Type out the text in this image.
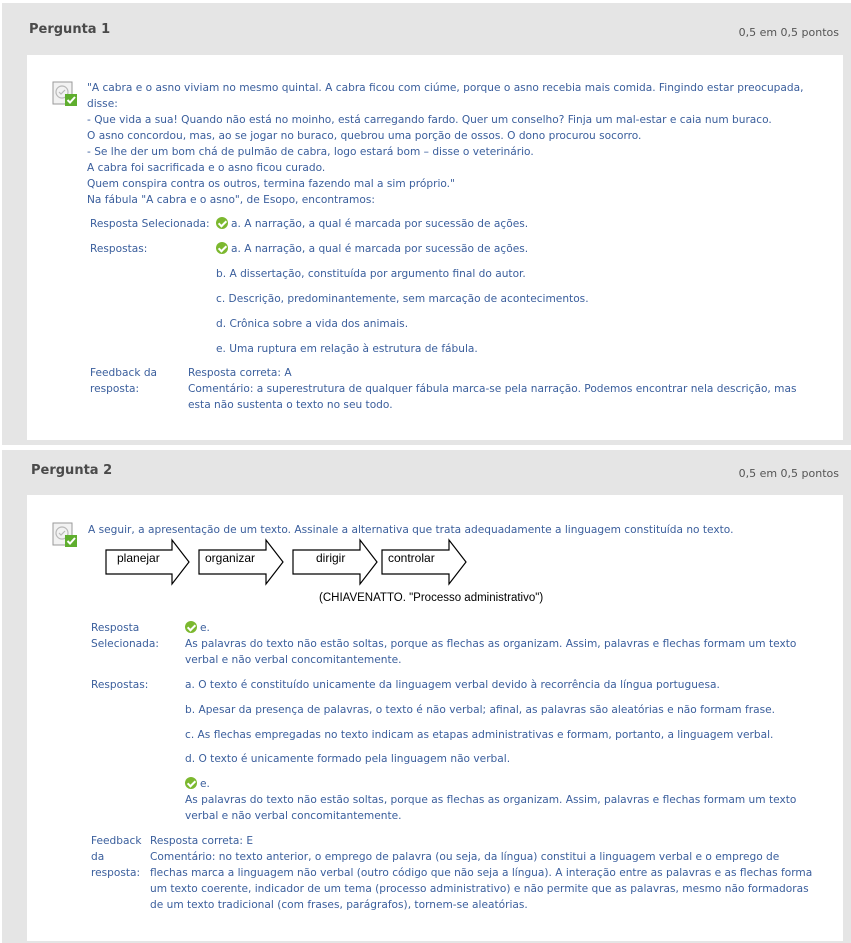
Pergunta 1	0,5 em 0,5 pontos
"A cabra e o asno viviam no mesmo quintal. A cabra ficou com ciúme, porque o asno recebia mais comida. Fingindo estar preocupada,
disse:
- Que vida a sua! Quando não está no moinho, está carregando fardo. Quer um conselho? Finja um mal-estar e caia num buraco.
O asno concordou, mas, ao se jogar no buraco, quebrou uma porção de ossos. O dono procurou socorro.
- Se lhe der um bom chá de pulmão de cabra, logo estará bom – disse o veterinário.
A cabra foi sacrificada e o asno ficou curado.
Quem conspira contra os outros, termina fazendo mal a sim próprio."
Na fábula "A cabra e o asno", de Esopo, encontramos:
Resposta Selecionada:	a. A narração, a qual é marcada por sucessão de ações.
Respostas:	a. A narração, a qual é marcada por sucessão de ações.
b. A dissertação, constituída por argumento final do autor.
c. Descrição, predominantemente, sem marcação de acontecimentos.
d. Crônica sobre a vida dos animais.
e. Uma ruptura em relação à estrutura de fábula.
Feedback da
resposta:
Resposta correta: A
Comentário: a superestrutura de qualquer fábula marca-se pela narração. Podemos encontrar nela descrição, mas
esta não sustenta o texto no seu todo.
Pergunta 2	0,5 em 0,5 pontos
A seguir, a apresentação de um texto. Assinale a alternativa que trata adequadamente a linguagem constituída no texto.
planejar	organizar	dirigir	controlar
(CHIAVENATTO. "Processo administrativo")
Resposta
Selecionada:
e.
As palavras do texto não estão soltas, porque as flechas as organizam. Assim, palavras e flechas formam um texto
verbal e não verbal concomitantemente.
Respostas:	a. O texto é constituído unicamente da linguagem verbal devido à recorrência da língua portuguesa.
b. Apesar da presença de palavras, o texto é não verbal; afinal, as palavras são aleatórias e não formam frase.
c. As flechas empregadas no texto indicam as etapas administrativas e formam, portanto, a linguagem verbal.
d. O texto é unicamente formado pela linguagem não verbal.
e.
As palavras do texto não estão soltas, porque as flechas as organizam. Assim, palavras e flechas formam um texto
verbal e não verbal concomitantemente.
Feedback
da
resposta:
Resposta correta: E
Comentário: no texto anterior, o emprego de palavra (ou seja, da língua) constitui a linguagem verbal e o emprego de
flechas marca a linguagem não verbal (outro código que não seja a língua). A interação entre as palavras e as flechas forma
um texto coerente, indicador de um tema (processo administrativo) e não permite que as palavras, mesmo não formadoras
de um texto tradicional (com frases, parágrafos), tornem-se aleatórias.
